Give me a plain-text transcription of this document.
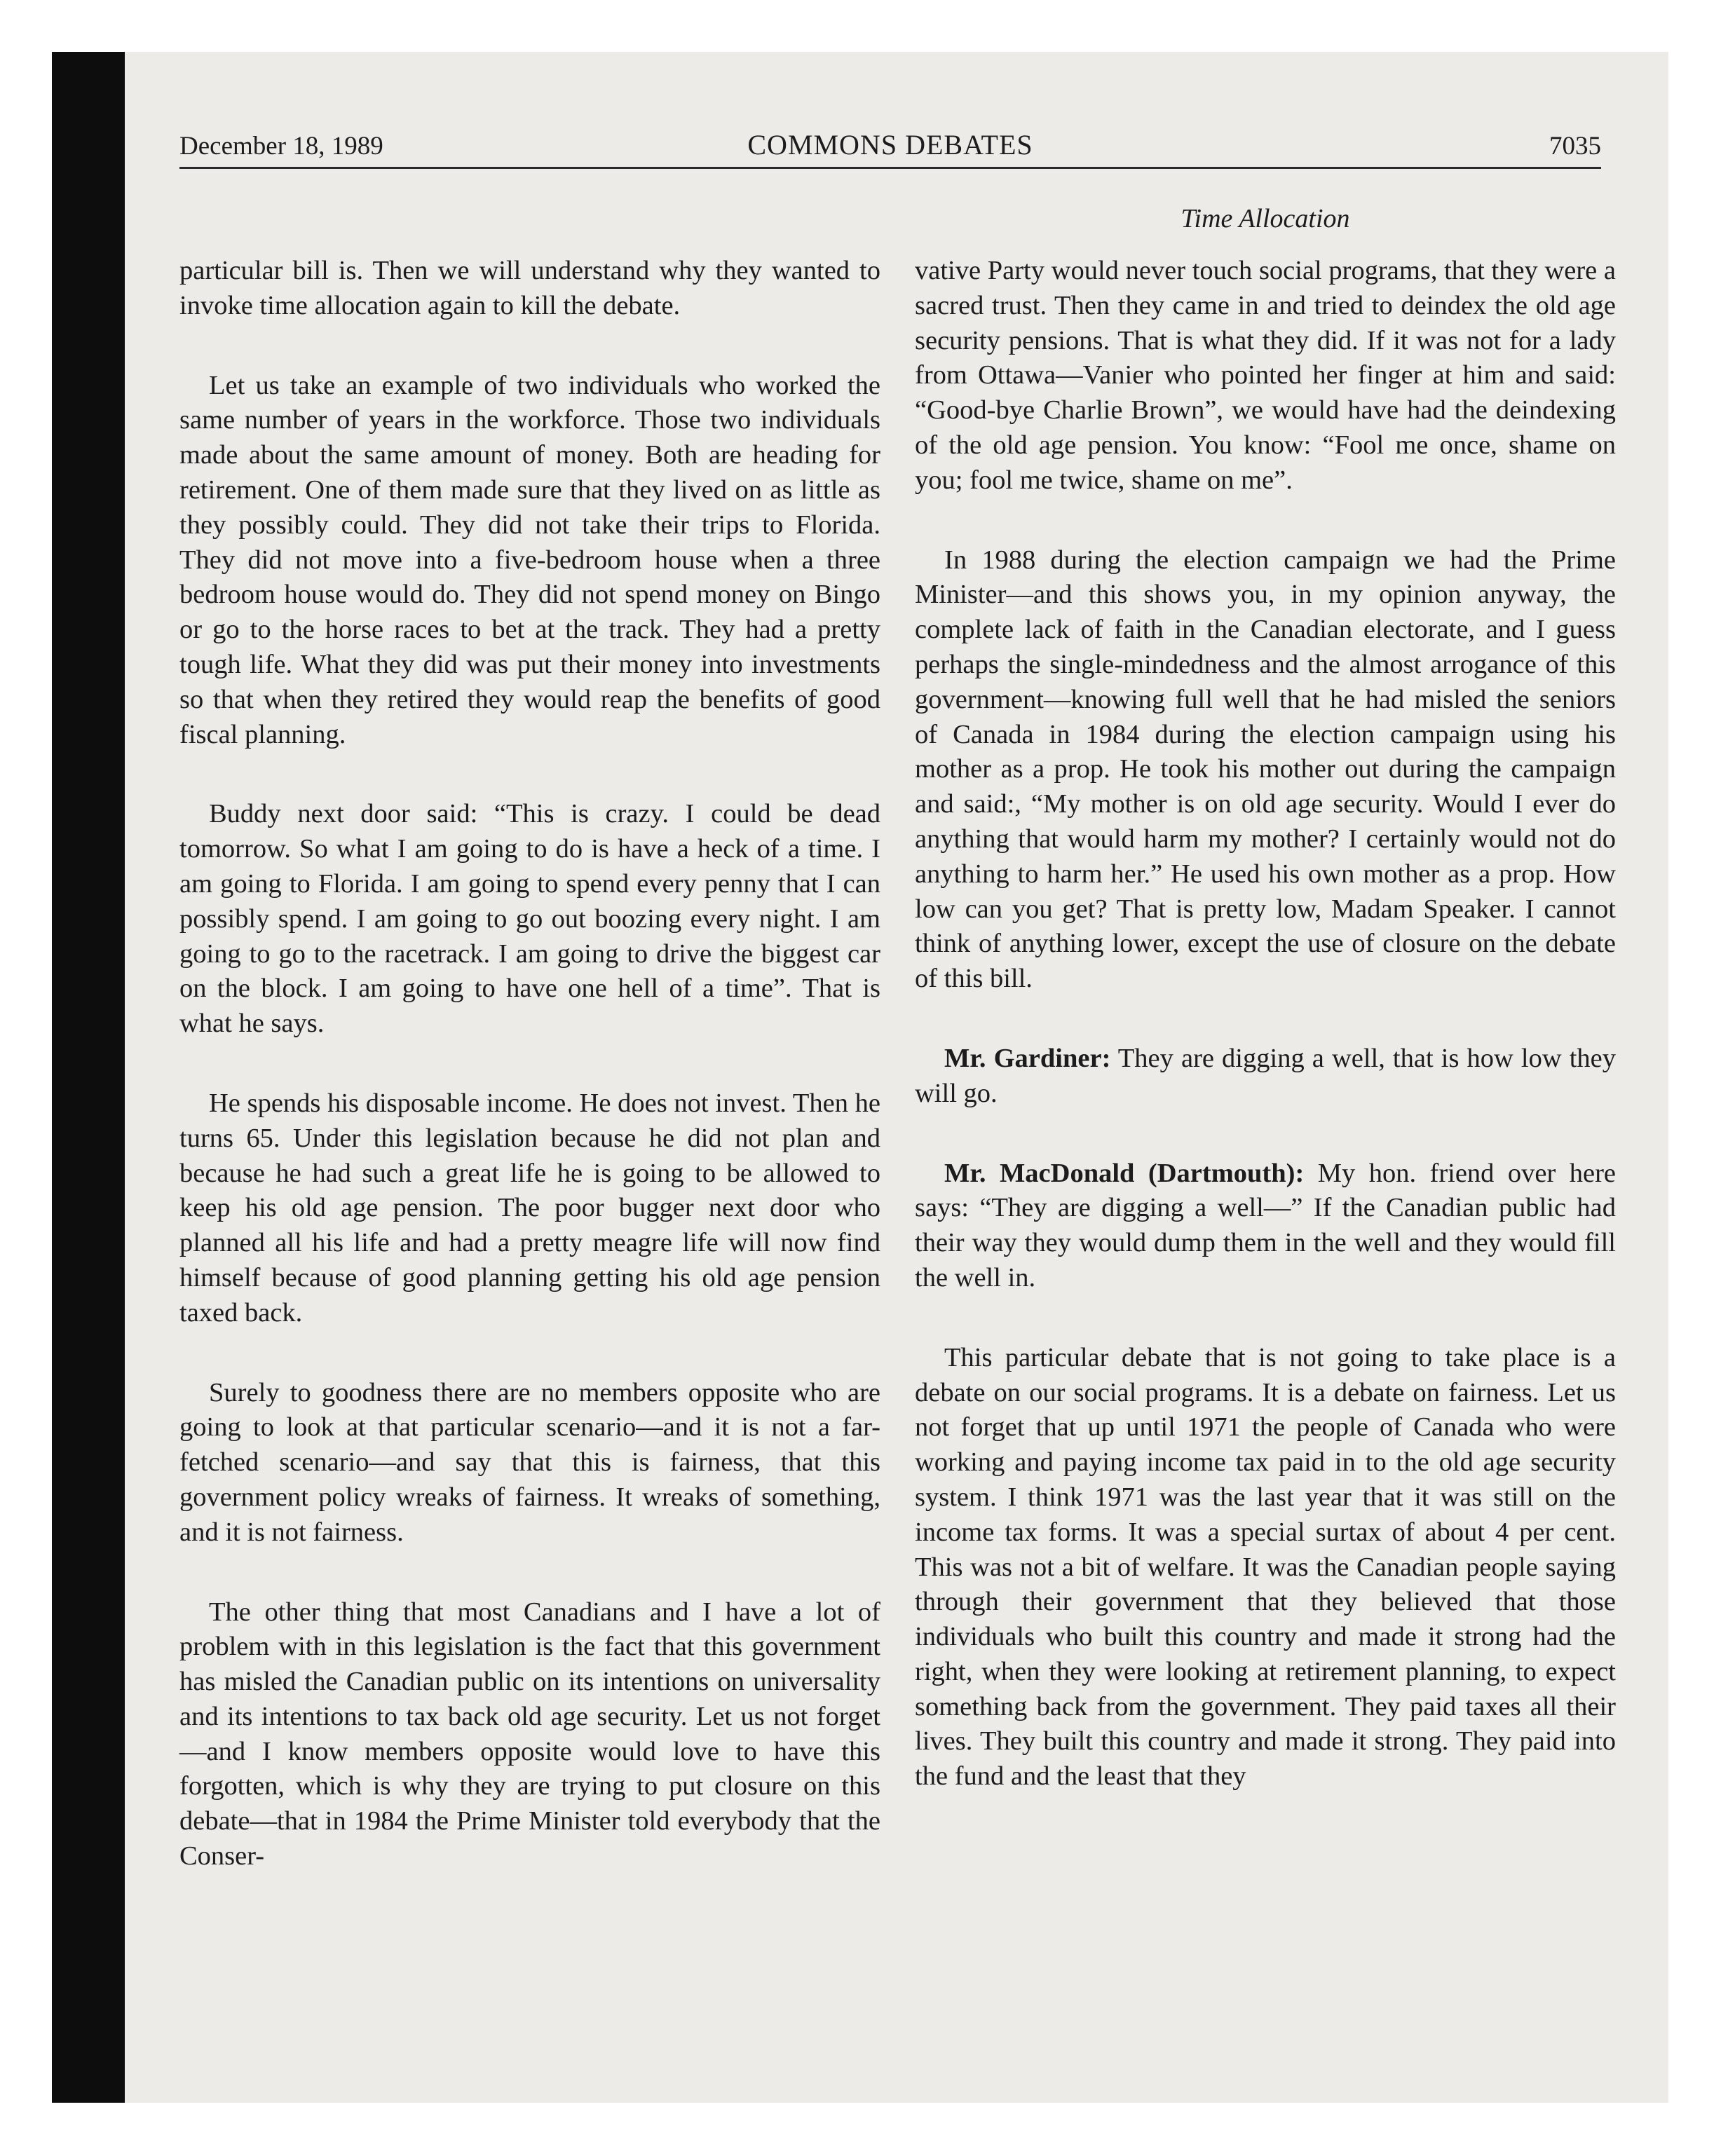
December 18, 1989	COMMONS DEBATES	7035
Time Allocation

particular bill is. Then we will understand why they wanted to invoke time allocation again to kill the debate.

Let us take an example of two individuals who worked the same number of years in the workforce. Those two individuals made about the same amount of money. Both are heading for retirement. One of them made sure that they lived on as little as they possibly could. They did not take their trips to Florida. They did not move into a five-bedroom house when a three bedroom house would do. They did not spend money on Bingo or go to the horse races to bet at the track. They had a pretty tough life. What they did was put their money into investments so that when they retired they would reap the benefits of good fiscal planning.

Buddy next door said: “This is crazy. I could be dead tomorrow. So what I am going to do is have a heck of a time. I am going to Florida. I am going to spend every penny that I can possibly spend. I am going to go out boozing every night. I am going to go to the racetrack. I am going to drive the biggest car on the block. I am going to have one hell of a time”. That is what he says.

He spends his disposable income. He does not invest. Then he turns 65. Under this legislation because he did not plan and because he had such a great life he is going to be allowed to keep his old age pension. The poor bugger next door who planned all his life and had a pretty meagre life will now find himself because of good planning getting his old age pension taxed back.

Surely to goodness there are no members opposite who are going to look at that particular scenario—and it is not a far-fetched scenario—and say that this is fairness, that this government policy wreaks of fairness. It wreaks of something, and it is not fairness.

The other thing that most Canadians and I have a lot of problem with in this legislation is the fact that this government has misled the Canadian public on its intentions on universality and its intentions to tax back old age security. Let us not forget—and I know members opposite would love to have this forgotten, which is why they are trying to put closure on this debate—that in 1984 the Prime Minister told everybody that the Conser-

vative Party would never touch social programs, that they were a sacred trust. Then they came in and tried to deindex the old age security pensions. That is what they did. If it was not for a lady from Ottawa—Vanier who pointed her finger at him and said: “Good-bye Charlie Brown”, we would have had the deindexing of the old age pension. You know: “Fool me once, shame on you; fool me twice, shame on me”.

In 1988 during the election campaign we had the Prime Minister—and this shows you, in my opinion anyway, the complete lack of faith in the Canadian electorate, and I guess perhaps the single-mindedness and the almost arrogance of this government—knowing full well that he had misled the seniors of Canada in 1984 during the election campaign using his mother as a prop. He took his mother out during the campaign and said:, “My mother is on old age security. Would I ever do anything that would harm my mother? I certainly would not do anything to harm her.” He used his own mother as a prop. How low can you get? That is pretty low, Madam Speaker. I cannot think of anything lower, except the use of closure on the debate of this bill.

Mr. Gardiner: They are digging a well, that is how low they will go.

Mr. MacDonald (Dartmouth): My hon. friend over here says: “They are digging a well—” If the Canadian public had their way they would dump them in the well and they would fill the well in.

This particular debate that is not going to take place is a debate on our social programs. It is a debate on fairness. Let us not forget that up until 1971 the people of Canada who were working and paying income tax paid in to the old age security system. I think 1971 was the last year that it was still on the income tax forms. It was a special surtax of about 4 per cent. This was not a bit of welfare. It was the Canadian people saying through their government that they believed that those individuals who built this country and made it strong had the right, when they were looking at retirement planning, to expect something back from the government. They paid taxes all their lives. They built this country and made it strong. They paid into the fund and the least that they
